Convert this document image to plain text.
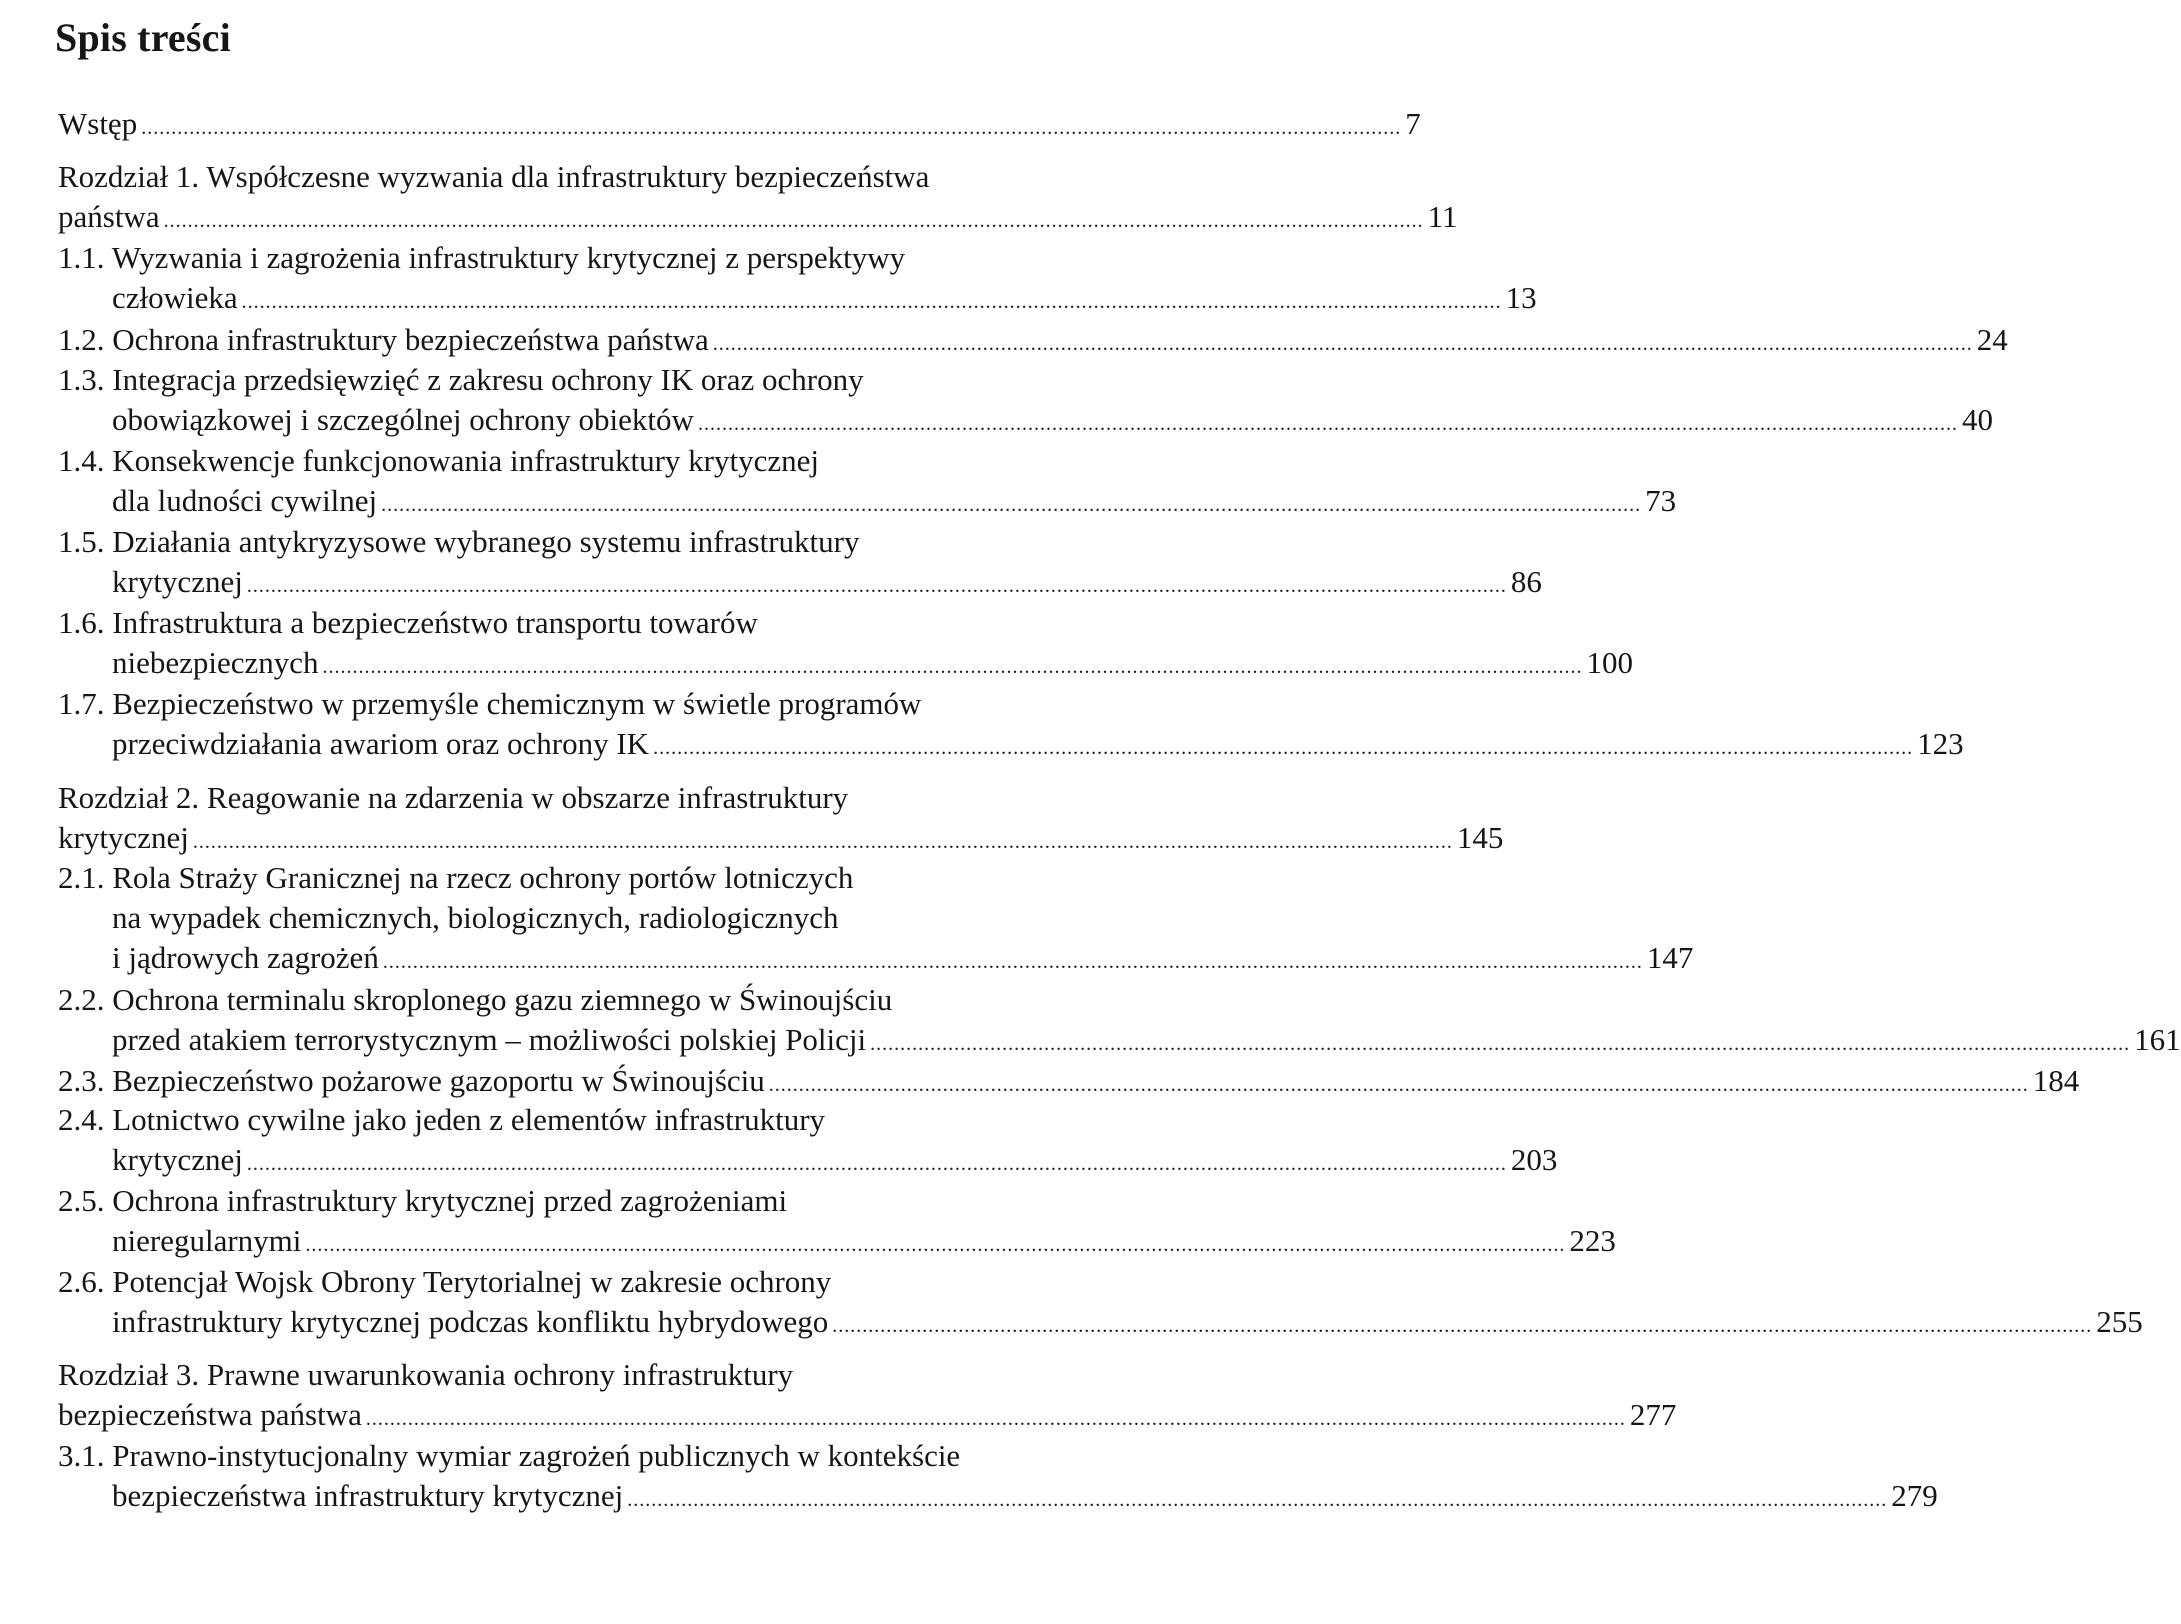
Spis treści
Wstęp .................................................................................................................................................................................................................. 7
Rozdział 1. Współczesne wyzwania dla infrastruktury bezpieczeństwa
państwa .................................................................................................................................................................................................................. 11
1.1. Wyzwania i zagrożenia infrastruktury krytycznej z perspektywy
człowieka .................................................................................................................................................................................................................. 13
1.2. Ochrona infrastruktury bezpieczeństwa państwa .................................................................................................................................................................................................................. 24
1.3. Integracja przedsięwzięć z zakresu ochrony IK oraz ochrony
obowiązkowej i szczególnej ochrony obiektów .................................................................................................................................................................................................................. 40
1.4. Konsekwencje funkcjonowania infrastruktury krytycznej
dla ludności cywilnej .................................................................................................................................................................................................................. 73
1.5. Działania antykryzysowe wybranego systemu infrastruktury
krytycznej .................................................................................................................................................................................................................. 86
1.6. Infrastruktura a bezpieczeństwo transportu towarów
niebezpiecznych .................................................................................................................................................................................................................. 100
1.7. Bezpieczeństwo w przemyśle chemicznym w świetle programów
przeciwdziałania awariom oraz ochrony IK .................................................................................................................................................................................................................. 123
Rozdział 2. Reagowanie na zdarzenia w obszarze infrastruktury
krytycznej .................................................................................................................................................................................................................. 145
2.1. Rola Straży Granicznej na rzecz ochrony portów lotniczych
na wypadek chemicznych, biologicznych, radiologicznych
i jądrowych zagrożeń .................................................................................................................................................................................................................. 147
2.2. Ochrona terminalu skroplonego gazu ziemnego w Świnoujściu
przed atakiem terrorystycznym – możliwości polskiej Policji .................................................................................................................................................................................................................. 161
2.3. Bezpieczeństwo pożarowe gazoportu w Świnoujściu .................................................................................................................................................................................................................. 184
2.4. Lotnictwo cywilne jako jeden z elementów infrastruktury
krytycznej .................................................................................................................................................................................................................. 203
2.5. Ochrona infrastruktury krytycznej przed zagrożeniami
nieregularnymi .................................................................................................................................................................................................................. 223
2.6. Potencjał Wojsk Obrony Terytorialnej w zakresie ochrony
infrastruktury krytycznej podczas konfliktu hybrydowego .................................................................................................................................................................................................................. 255
Rozdział 3. Prawne uwarunkowania ochrony infrastruktury
bezpieczeństwa państwa .................................................................................................................................................................................................................. 277
3.1. Prawno-instytucjonalny wymiar zagrożeń publicznych w kontekście
bezpieczeństwa infrastruktury krytycznej .................................................................................................................................................................................................................. 279
